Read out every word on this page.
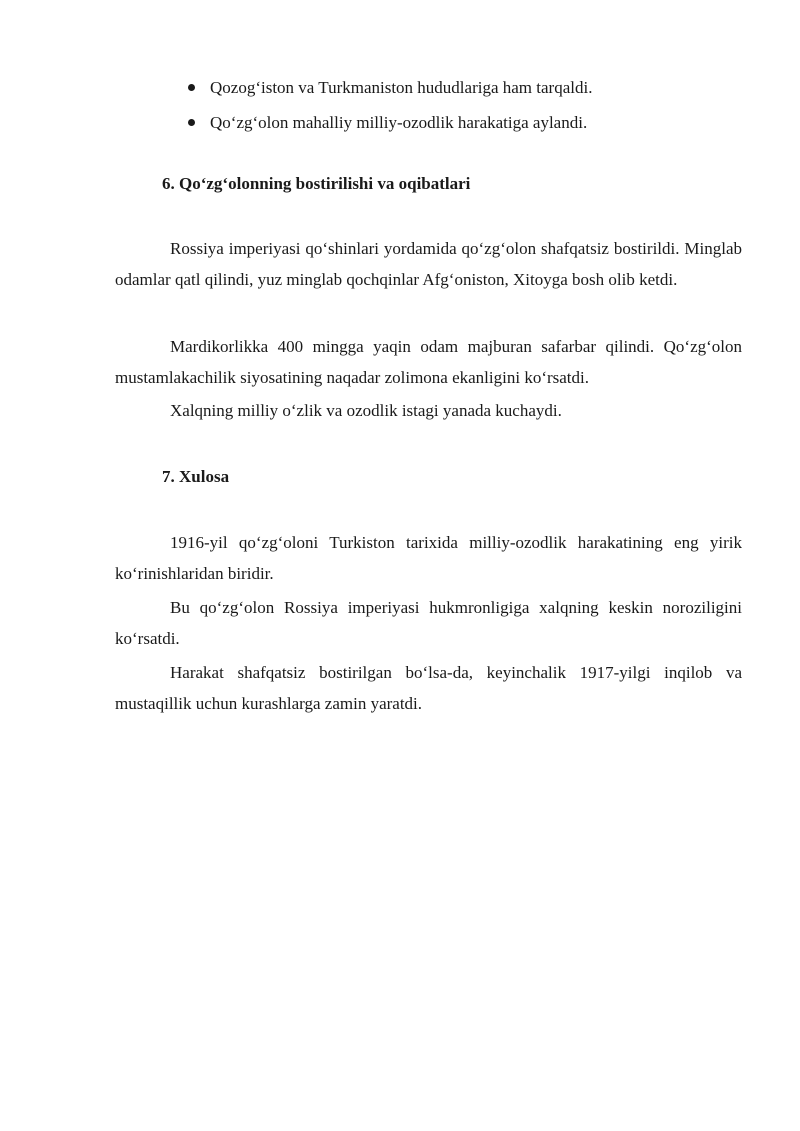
Qozog‘iston va Turkmaniston hududlariga ham tarqaldi.
Qo‘zg‘olon mahalliy milliy-ozodlik harakatiga aylandi.
6. Qo‘zg‘olonning bostirilishi va oqibatlari
Rossiya imperiyasi qo‘shinlari yordamida qo‘zg‘olon shafqatsiz bostirildi. Minglab odamlar qatl qilindi, yuz minglab qochqinlar Afg‘oniston, Xitoyga bosh olib ketdi.
Mardikorlikka 400 mingga yaqin odam majburan safarbar qilindi. Qo‘zg‘olon mustamlakachilik siyosatining naqadar zolimona ekanligini ko‘rsatdi.
Xalqning milliy o‘zlik va ozodlik istagi yanada kuchaydi.
7. Xulosa
1916-yil qo‘zg‘oloni Turkiston tarixida milliy-ozodlik harakatining eng yirik ko‘rinishlaridan biridir.
Bu qo‘zg‘olon Rossiya imperiyasi hukmronligiga xalqning keskin noroziligini ko‘rsatdi.
Harakat shafqatsiz bostirilgan bo‘lsa-da, keyinchalik 1917-yilgi inqilob va mustaqillik uchun kurashlarga zamin yaratdi.
